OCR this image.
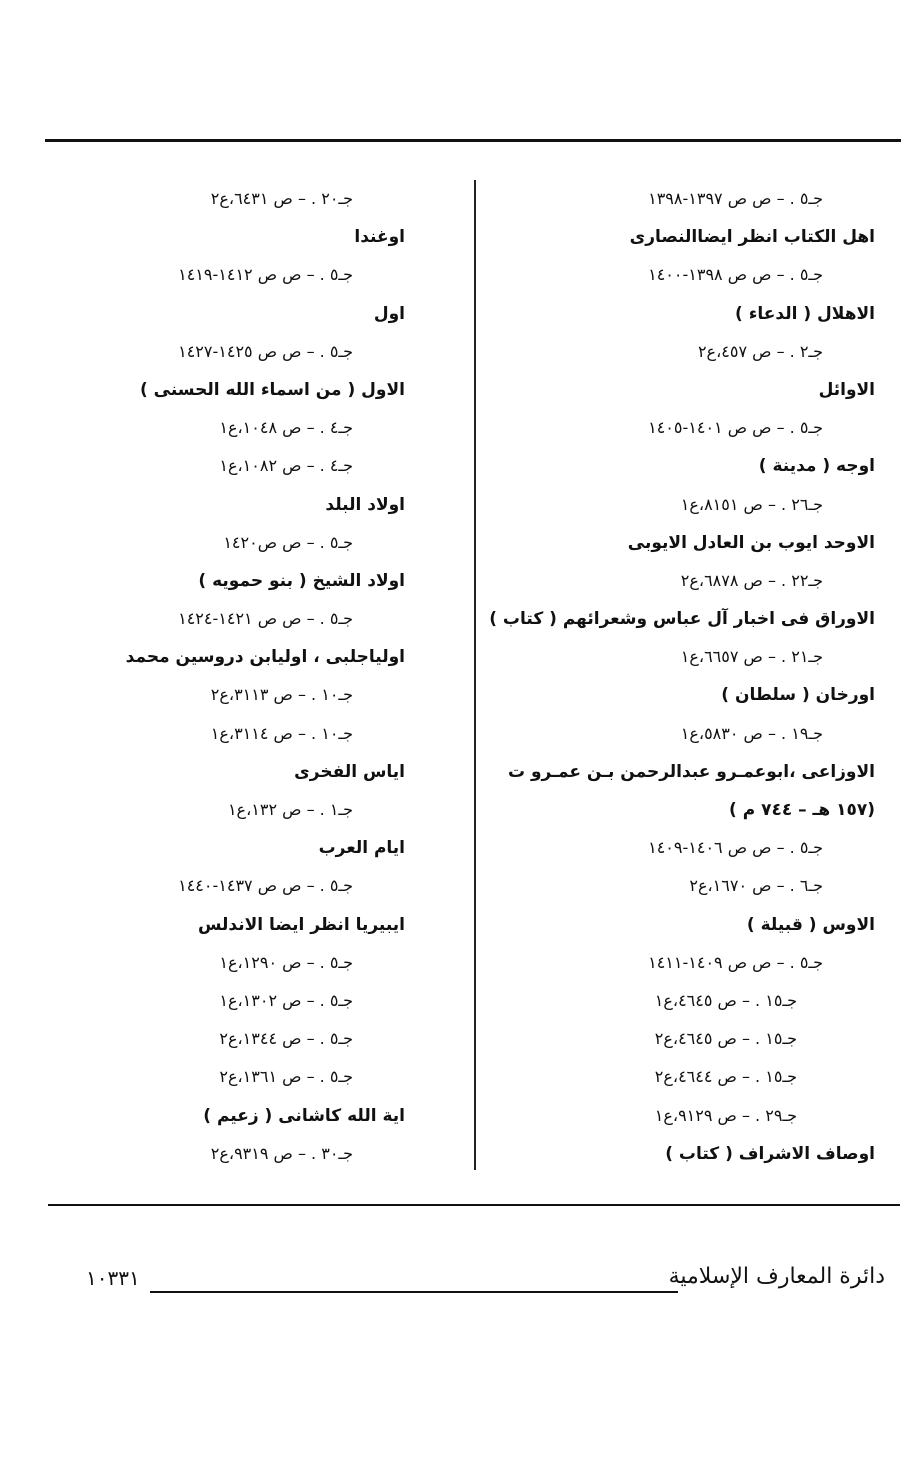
جـ٥ . – ص ص ١٣٩٧-١٣٩٨
اهل الكتاب انظر ايضاالنصارى
جـ٥ . – ص ص ١٣٩٨-١٤٠٠
الاهلال ( الدعاء )
جـ٢ . – ص ٤٥٧،ع٢
الاوائل
جـ٥ . – ص ص ١٤٠١-١٤٠٥
اوجه ( مدينة )
جـ٢٦ . – ص ٨١٥١،ع١
الاوحد ايوب بن العادل الايوبى
جـ٢٢ . – ص ٦٨٧٨،ع٢
الاوراق فى اخبار آل عباس وشعرائهم ( كتاب )
جـ٢١ . – ص ٦٦٥٧،ع١
اورخان ( سلطان )
جـ١٩ . – ص ٥٨٣٠،ع١
الاوزاعى ،ابوعمـرو عبدالرحمن بـن عمـرو ت
(١٥٧ هـ – ٧٤٤ م )
جـ٥ . – ص ص ١٤٠٦-١٤٠٩
جـ٦ . – ص ١٦٧٠،ع٢
الاوس ( قبيلة )
جـ٥ . – ص ص ١٤٠٩-١٤١١
جـ١٥ . – ص ٤٦٤٥،ع١
جـ١٥ . – ص ٤٦٤٥،ع٢
جـ١٥ . – ص ٤٦٤٤،ع٢
جـ٢٩ . – ص ٩١٢٩،ع١
اوصاف الاشراف ( كتاب )
جـ٢٠ . – ص ٦٤٣١،ع٢
اوغندا
جـ٥ . – ص ص ١٤١٢-١٤١٩
اول
جـ٥ . – ص ص ١٤٢٥-١٤٢٧
الاول ( من اسماء الله الحسنى )
جـ٤ . – ص ١٠٤٨،ع١
جـ٤ . – ص ١٠٨٢،ع١
اولاد البلد
جـ٥ . – ص ص١٤٢٠
اولاد الشيخ ( بنو حمويه )
جـ٥ . – ص ص ١٤٢١-١٤٢٤
اولياجلبى ، اوليابن دروسين محمد
جـ١٠ . – ص ٣١١٣،ع٢
جـ١٠ . – ص ٣١١٤،ع١
اياس الفخرى
جـ١ . – ص ١٣٢،ع١
ايام العرب
جـ٥ . – ص ص ١٤٣٧-١٤٤٠
ايبيريا انظر ايضا الاندلس
جـ٥ . – ص ١٢٩٠،ع١
جـ٥ . – ص ١٣٠٢،ع١
جـ٥ . – ص ١٣٤٤،ع٢
جـ٥ . – ص ١٣٦١،ع٢
اية الله كاشانى ( زعيم )
جـ٣٠ . – ص ٩٣١٩،ع٢
دائرة المعارف الإسلامية
١٠٣٣١
